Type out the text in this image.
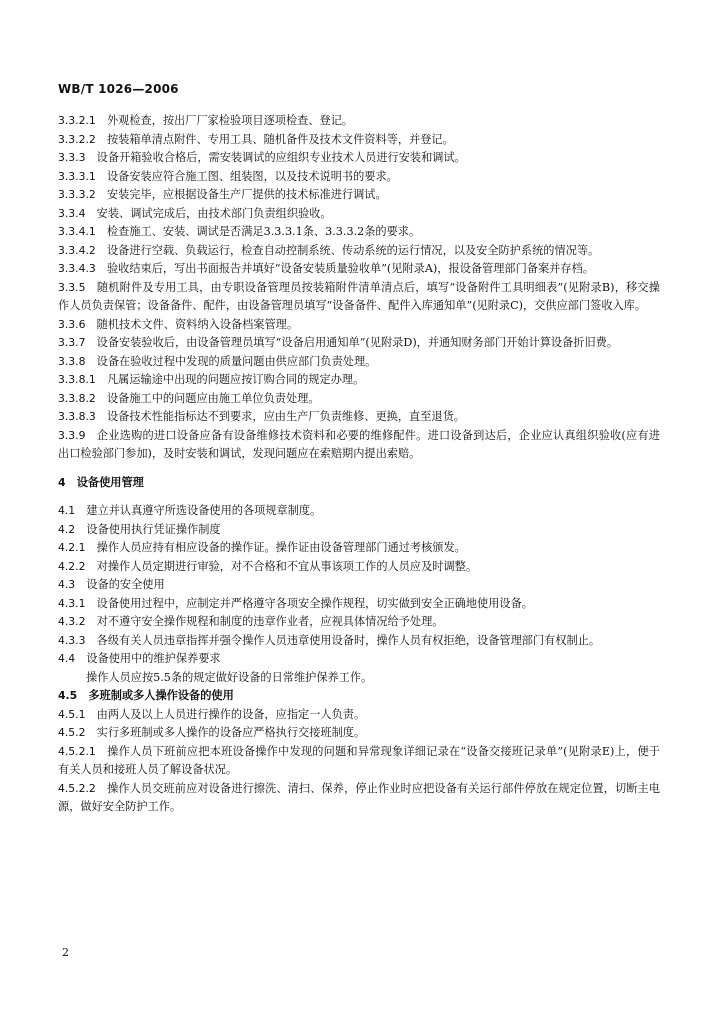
WB/T 1026—2006

3.3.2.1  外观检查，按出厂厂家检验项目逐项检查、登记。

3.3.2.2  按装箱单清点附件、专用工具、随机备件及技术文件资料等，并登记。

3.3.3  设备开箱验收合格后，需安装调试的应组织专业技术人员进行安装和调试。

3.3.3.1  设备安装应符合施工图、组装图，以及技术说明书的要求。

3.3.3.2  安装完毕，应根据设备生产厂提供的技术标准进行调试。

3.3.4  安装、调试完成后，由技术部门负责组织验收。

3.3.4.1  检查施工、安装、调试是否满足3.3.3.1条、3.3.3.2条的要求。

3.3.4.2  设备进行空载、负载运行，检查自动控制系统、传动系统的运行情况，以及安全防护系统的情况等。

3.3.4.3  验收结束后，写出书面报告并填好“设备安装质量验收单”(见附录A)，报设备管理部门备案并存档。

3.3.5  随机附件及专用工具，由专职设备管理员按装箱附件清单清点后，填写“设备附件工具明细表”(见附录B)，移交操作人员负责保管；设备备件、配件，由设备管理员填写“设备备件、配件入库通知单”(见附录C)，交供应部门签收入库。

3.3.6  随机技术文件、资料纳入设备档案管理。

3.3.7  设备安装验收后，由设备管理员填写“设备启用通知单”(见附录D)，并通知财务部门开始计算设备折旧费。

3.3.8  设备在验收过程中发现的质量问题由供应部门负责处理。

3.3.8.1  凡属运输途中出现的问题应按订购合同的规定办理。

3.3.8.2  设备施工中的问题应由施工单位负责处理。

3.3.8.3  设备技术性能指标达不到要求，应由生产厂负责维修、更换，直至退货。

3.3.9  企业选购的进口设备应备有设备维修技术资料和必要的维修配件。进口设备到达后，企业应认真组织验收(应有进出口检验部门参加)，及时安装和调试，发现问题应在索赔期内提出索赔。

4  设备使用管理

4.1  建立并认真遵守所选设备使用的各项规章制度。

4.2  设备使用执行凭证操作制度

4.2.1  操作人员应持有相应设备的操作证。操作证由设备管理部门通过考核颁发。

4.2.2  对操作人员定期进行审验，对不合格和不宜从事该项工作的人员应及时调整。

4.3  设备的安全使用

4.3.1  设备使用过程中，应制定并严格遵守各项安全操作规程，切实做到安全正确地使用设备。

4.3.2  对不遵守安全操作规程和制度的违章作业者，应视具体情况给予处理。

4.3.3  各级有关人员违章指挥并强令操作人员违章使用设备时，操作人员有权拒绝，设备管理部门有权制止。

4.4  设备使用中的维护保养要求

操作人员应按5.5条的规定做好设备的日常维护保养工作。

4.5  多班制或多人操作设备的使用

4.5.1  由两人及以上人员进行操作的设备，应指定一人负责。

4.5.2  实行多班制或多人操作的设备应严格执行交接班制度。

4.5.2.1  操作人员下班前应把本班设备操作中发现的问题和异常现象详细记录在“设备交接班记录单”(见附录E)上，便于有关人员和接班人员了解设备状况。

4.5.2.2  操作人员交班前应对设备进行擦洗、清扫、保养，停止作业时应把设备有关运行部件停放在规定位置，切断主电源，做好安全防护工作。

2
